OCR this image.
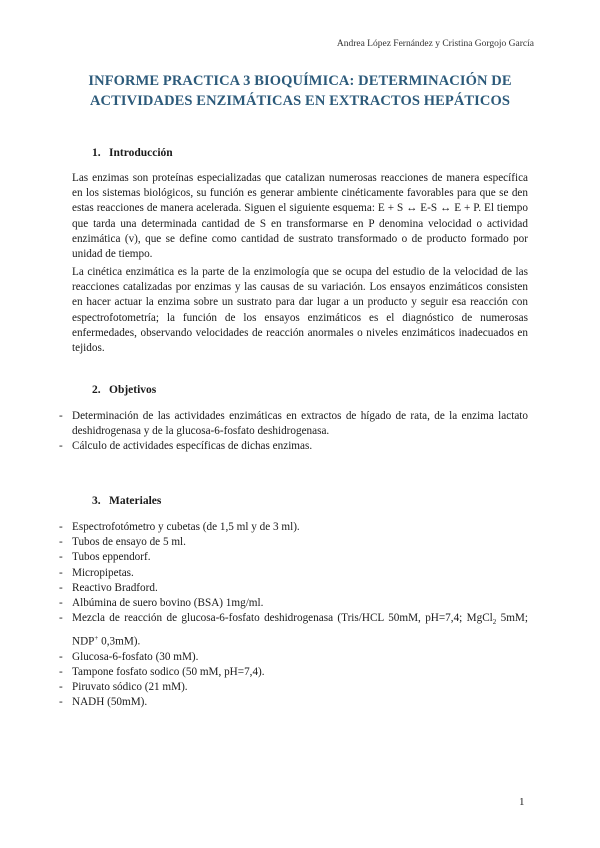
Andrea López Fernández y Cristina Gorgojo García
INFORME PRACTICA 3 BIOQUÍMICA: DETERMINACIÓN DE
ACTIVIDADES ENZIMÁTICAS EN EXTRACTOS HEPÁTICOS
1. Introducción

Las enzimas son proteínas especializadas que catalizan numerosas reacciones de manera específica en los sistemas biológicos, su función es generar ambiente cinéticamente favorables para que se den estas reacciones de manera acelerada. Siguen el siguiente esquema: E + S ↔ E-S ↔ E + P. El tiempo que tarda una determinada cantidad de S en transformarse en P denomina velocidad o actividad enzimática (v), que se define como cantidad de sustrato transformado o de producto formado por unidad de tiempo.

La cinética enzimática es la parte de la enzimología que se ocupa del estudio de la velocidad de las reacciones catalizadas por enzimas y las causas de su variación. Los ensayos enzimáticos consisten en hacer actuar la enzima sobre un sustrato para dar lugar a un producto y seguir esa reacción con espectrofotometría; la función de los ensayos enzimáticos es el diagnóstico de numerosas enfermedades, observando velocidades de reacción anormales o niveles enzimáticos inadecuados en tejidos.

2. Objetivos
- Determinación de las actividades enzimáticas en extractos de hígado de rata, de la enzima lactato deshidrogenasa y de la glucosa-6-fosfato deshidrogenasa.
- Cálculo de actividades específicas de dichas enzimas.
3. Materiales
- Espectrofotómetro y cubetas (de 1,5 ml y de 3 ml).
- Tubos de ensayo de 5 ml.
- Tubos eppendorf.
- Micropipetas.
- Reactivo Bradford.
- Albúmina de suero bovino (BSA) 1mg/ml.
- Mezcla de reacción de glucosa-6-fosfato deshidrogenasa (Tris/HCL 50mM, pH=7,4; MgCl$_2$ 5mM; NDP+ 0,3mM).
- Glucosa-6-fosfato (30 mM).
- Tampone fosfato sodico (50 mM, pH=7,4).
- Piruvato sódico (21 mM).
- NADH (50mM).
1
